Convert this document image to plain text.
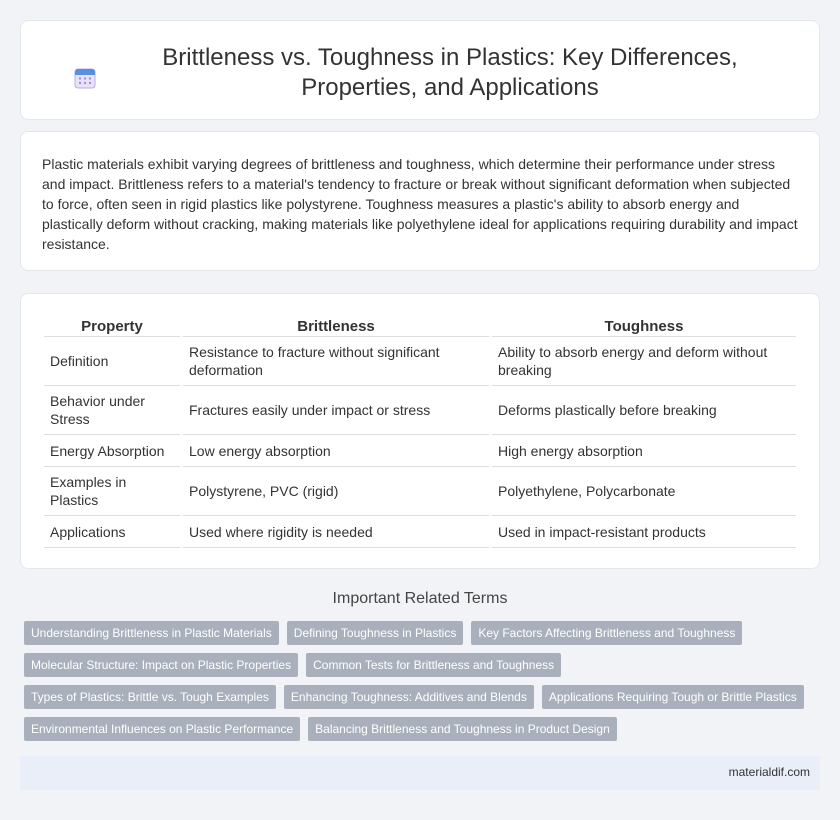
Brittleness vs. Toughness in Plastics: Key Differences, Properties, and Applications

Plastic materials exhibit varying degrees of brittleness and toughness, which determine their performance under stress and impact. Brittleness refers to a material's tendency to fracture or break without significant deformation when subjected to force, often seen in rigid plastics like polystyrene. Toughness measures a plastic's ability to absorb energy and plastically deform without cracking, making materials like polyethylene ideal for applications requiring durability and impact resistance.

Property	Brittleness	Toughness
Definition	Resistance to fracture without significant deformation	Ability to absorb energy and deform without breaking
Behavior under Stress	Fractures easily under impact or stress	Deforms plastically before breaking
Energy Absorption	Low energy absorption	High energy absorption
Examples in Plastics	Polystyrene, PVC (rigid)	Polyethylene, Polycarbonate
Applications	Used where rigidity is needed	Used in impact-resistant products
Important Related Terms
Understanding Brittleness in Plastic Materials	Defining Toughness in Plastics	Key Factors Affecting Brittleness and Toughness
Molecular Structure: Impact on Plastic Properties	Common Tests for Brittleness and Toughness
Types of Plastics: Brittle vs. Tough Examples	Enhancing Toughness: Additives and Blends	Applications Requiring Tough or Brittle Plastics
Environmental Influences on Plastic Performance	Balancing Brittleness and Toughness in Product Design
materialdif.com
